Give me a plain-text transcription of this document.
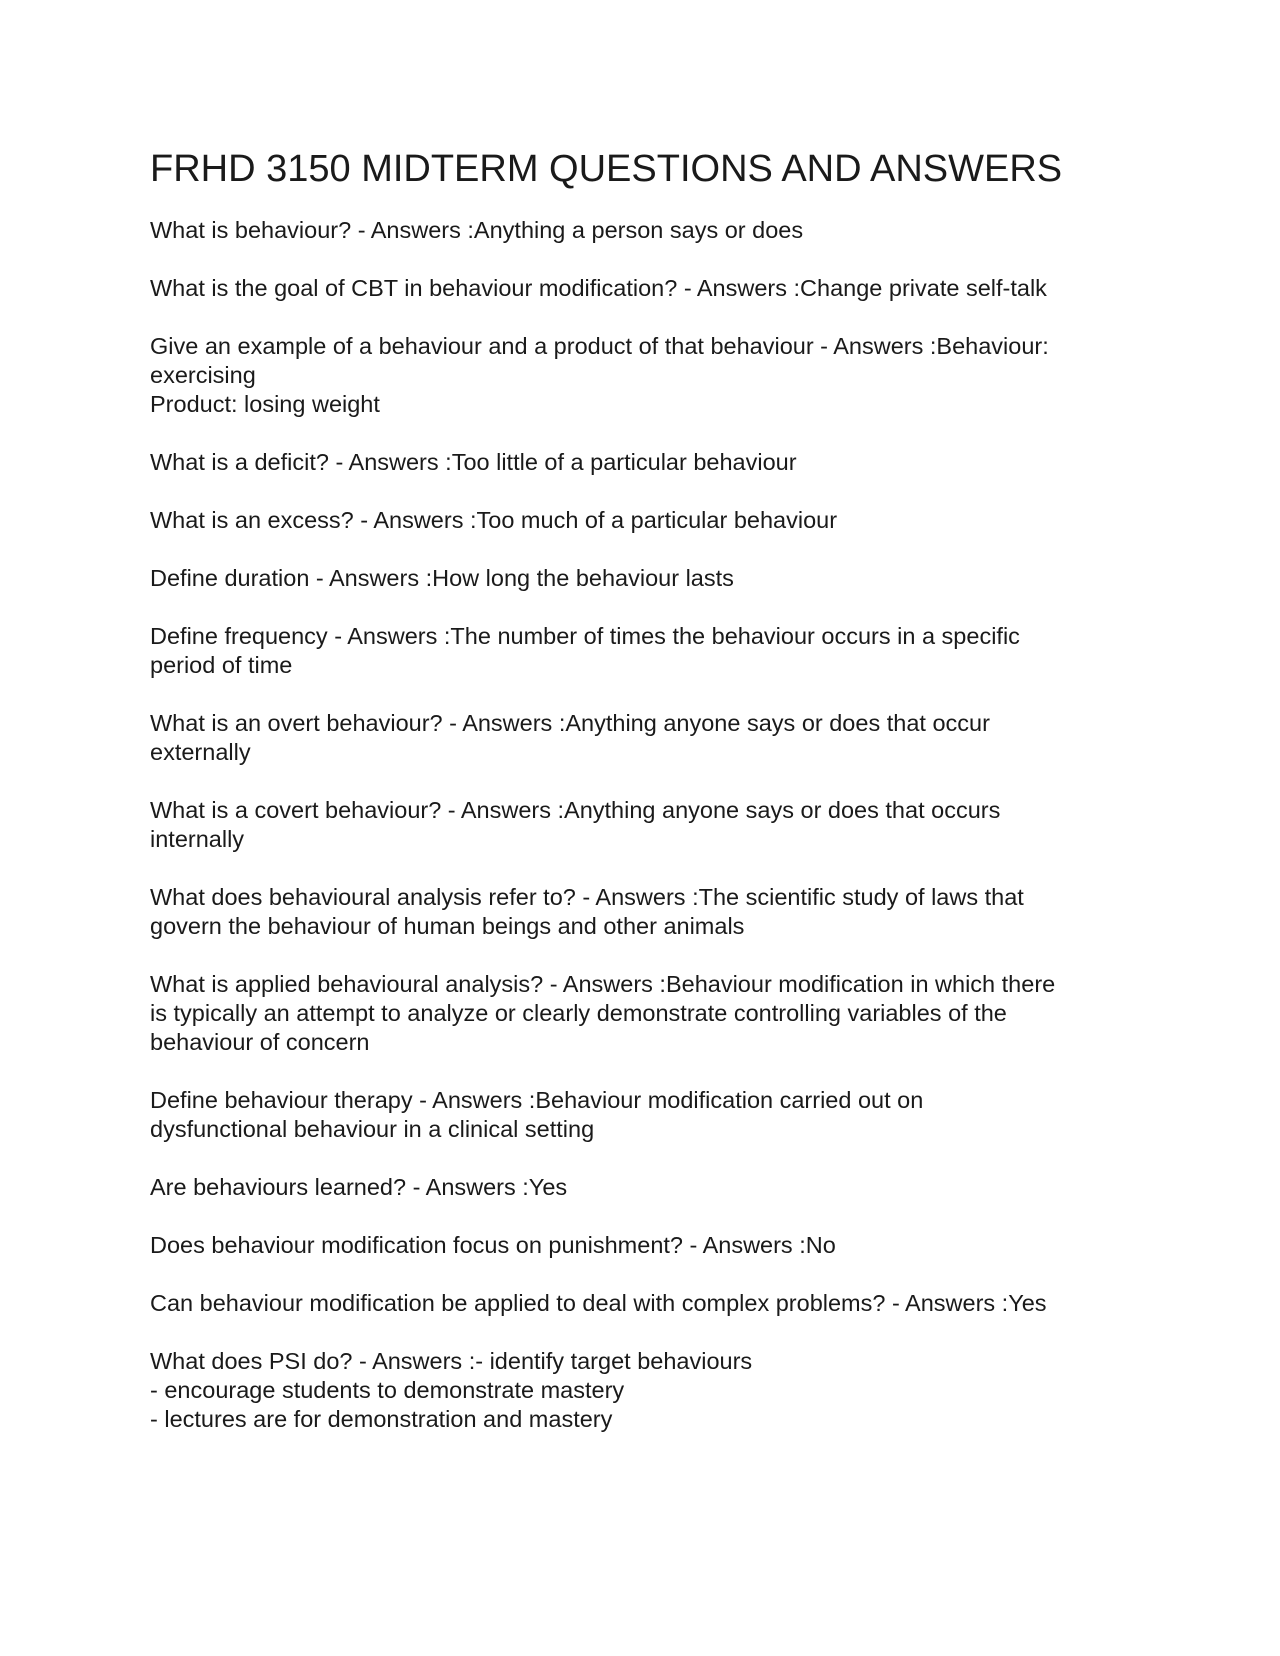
FRHD 3150 MIDTERM QUESTIONS AND ANSWERS
What is behaviour? - Answers :Anything a person says or does
What is the goal of CBT in behaviour modification? - Answers :Change private self-talk
Give an example of a behaviour and a product of that behaviour - Answers :Behaviour:
exercising
Product: losing weight
What is a deficit? - Answers :Too little of a particular behaviour
What is an excess? - Answers :Too much of a particular behaviour
Define duration - Answers :How long the behaviour lasts
Define frequency - Answers :The number of times the behaviour occurs in a specific
period of time
What is an overt behaviour? - Answers :Anything anyone says or does that occur
externally
What is a covert behaviour? - Answers :Anything anyone says or does that occurs
internally
What does behavioural analysis refer to? - Answers :The scientific study of laws that
govern the behaviour of human beings and other animals
What is applied behavioural analysis? - Answers :Behaviour modification in which there
is typically an attempt to analyze or clearly demonstrate controlling variables of the
behaviour of concern
Define behaviour therapy - Answers :Behaviour modification carried out on
dysfunctional behaviour in a clinical setting
Are behaviours learned? - Answers :Yes
Does behaviour modification focus on punishment? - Answers :No
Can behaviour modification be applied to deal with complex problems? - Answers :Yes
What does PSI do? - Answers :- identify target behaviours
- encourage students to demonstrate mastery
- lectures are for demonstration and mastery
